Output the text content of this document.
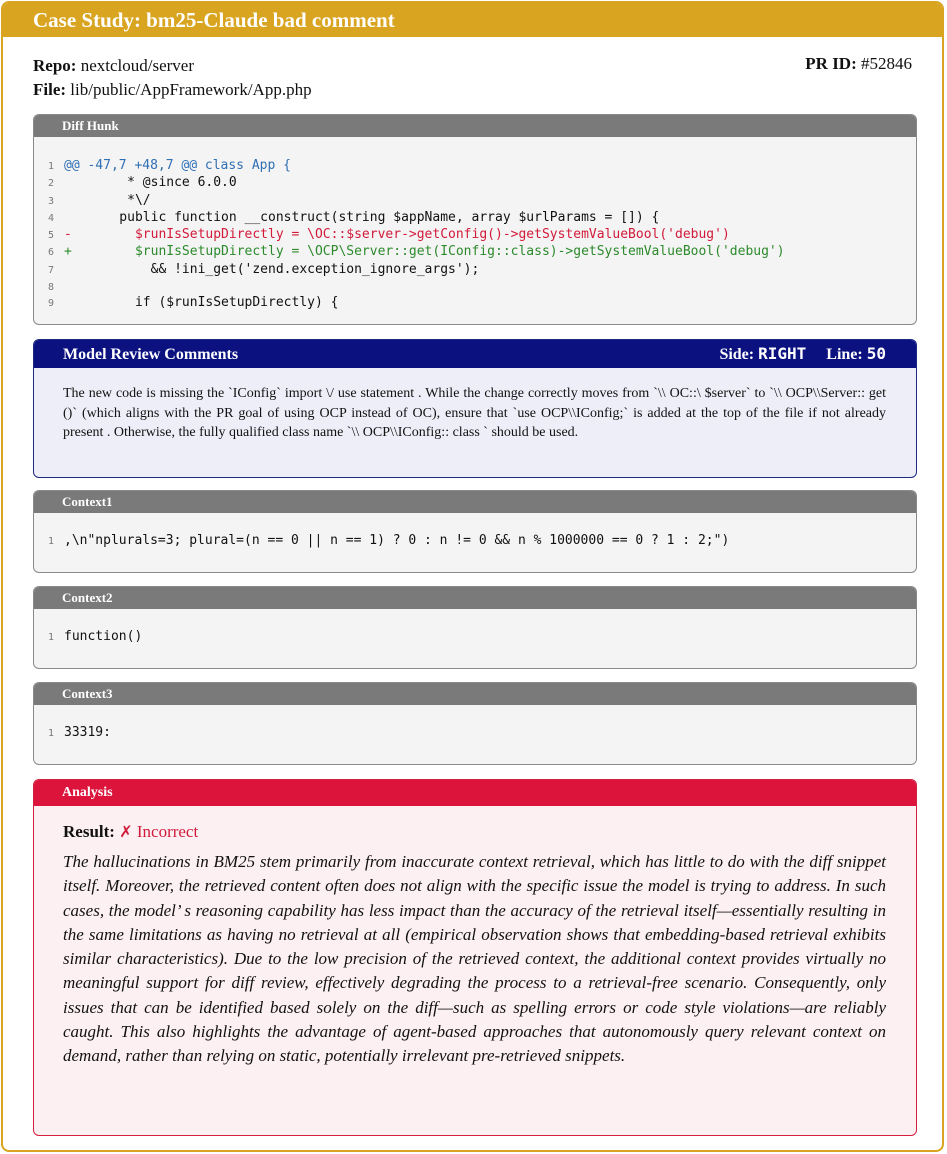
Case Study: bm25-Claude bad comment
Repo: nextcloud/server
File: lib/public/AppFramework/App.php
PR ID: #52846
Diff Hunk
1 @@ -47,7 +48,7 @@ class App {
2	* @since 6.0.0
3	*\/
4	public function __construct(string $appName, array $urlParams = []) {
5 -      $runIsSetupDirectly = \OC::$server->getConfig()->getSystemValueBool('debug')
6 +      $runIsSetupDirectly = \OCP\Server::get(IConfig::class)->getSystemValueBool('debug')
7	&& !ini_get('zend.exception_ignore_args');
8
9	if ($runIsSetupDirectly) {
Model Review Comments	Side: RIGHT Line: 50
The new code is missing the `IConfig` import \/ use statement . While the change correctly moves from `\\ OC::\ $server` to `\\ OCP\\Server:: get ()` (which aligns with the PR goal of using OCP instead of OC), ensure that `use OCP\\IConfig;` is added at the top of the file if not already present . Otherwise, the fully qualified class name `\\ OCP\\IConfig:: class ` should be used.
Context1
1 ,\n"nplurals=3; plural=(n == 0 || n == 1) ? 0 : n != 0 && n % 1000000 == 0 ? 1 : 2;")
Context2
1 function()
Context3
1 33319:
Analysis
Result: ✗ Incorrect
The hallucinations in BM25 stem primarily from inaccurate context retrieval, which has little to do with the diff snippet itself. Moreover, the retrieved content often does not align with the specific issue the model is trying to address. In such cases, the model’ s reasoning capability has less impact than the accuracy of the retrieval itself—essentially resulting in the same limitations as having no retrieval at all (empirical observation shows that embedding-based retrieval exhibits similar characteristics). Due to the low precision of the retrieved context, the additional context provides virtually no meaningful support for diff review, effectively degrading the process to a retrieval-free scenario. Consequently, only issues that can be identified based solely on the diff—such as spelling errors or code style violations—are reliably caught. This also highlights the advantage of agent-based approaches that autonomously query relevant context on demand, rather than relying on static, potentially irrelevant pre-retrieved snippets.
